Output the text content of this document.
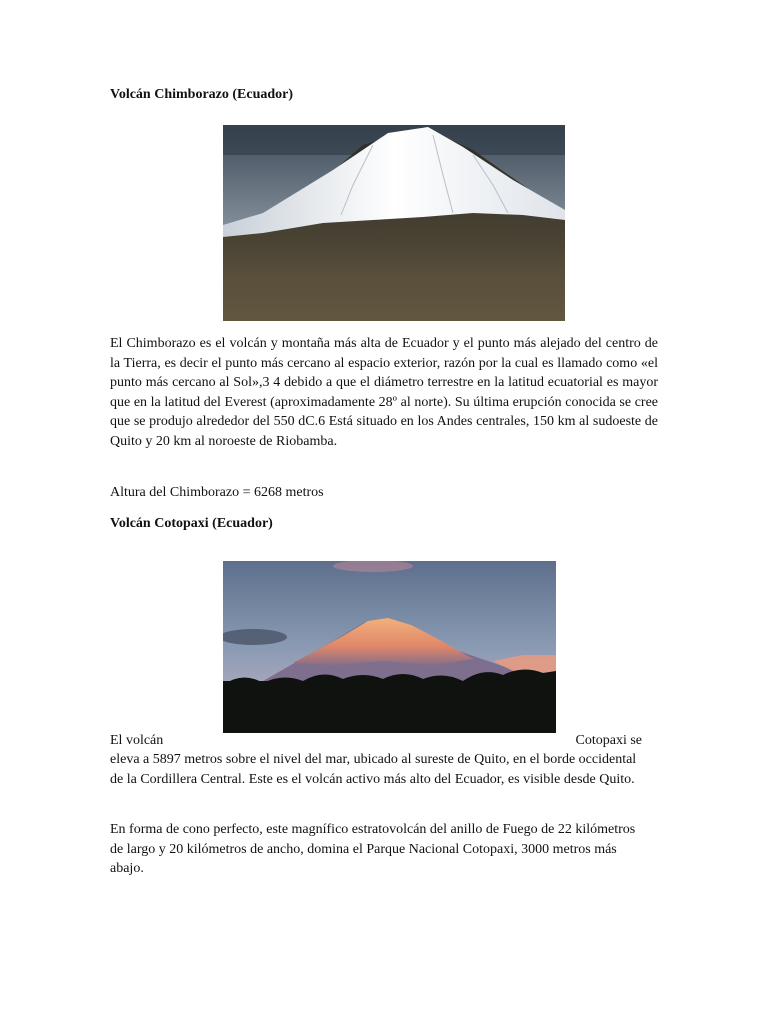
Volcán Chimborazo (Ecuador)
El Chimborazo es el volcán y montaña más alta de Ecuador y el punto más alejado del centro de la Tierra, es decir el punto más cercano al espacio exterior, razón por la cual es llamado como «el punto más cercano al Sol»,3 4 debido a que el diámetro terrestre en la latitud ecuatorial es mayor que en la latitud del Everest (aproximadamente 28º al norte). Su última erupción conocida se cree que se produjo alrededor del 550 dC.6 Está situado en los Andes centrales, 150 km al sudoeste de Quito y 20 km al noroeste de Riobamba.
Altura del Chimborazo = 6268 metros
Volcán Cotopaxi (Ecuador)
El volcán	Cotopaxi se
eleva a 5897 metros sobre el nivel del mar, ubicado al sureste de Quito, en el borde occidental de la Cordillera Central. Este es el volcán activo más alto del Ecuador, es visible desde Quito.
En forma de cono perfecto, este magnífico estratovolcán del anillo de Fuego de 22 kilómetros de largo y 20 kilómetros de ancho, domina el Parque Nacional Cotopaxi, 3000 metros más abajo.
